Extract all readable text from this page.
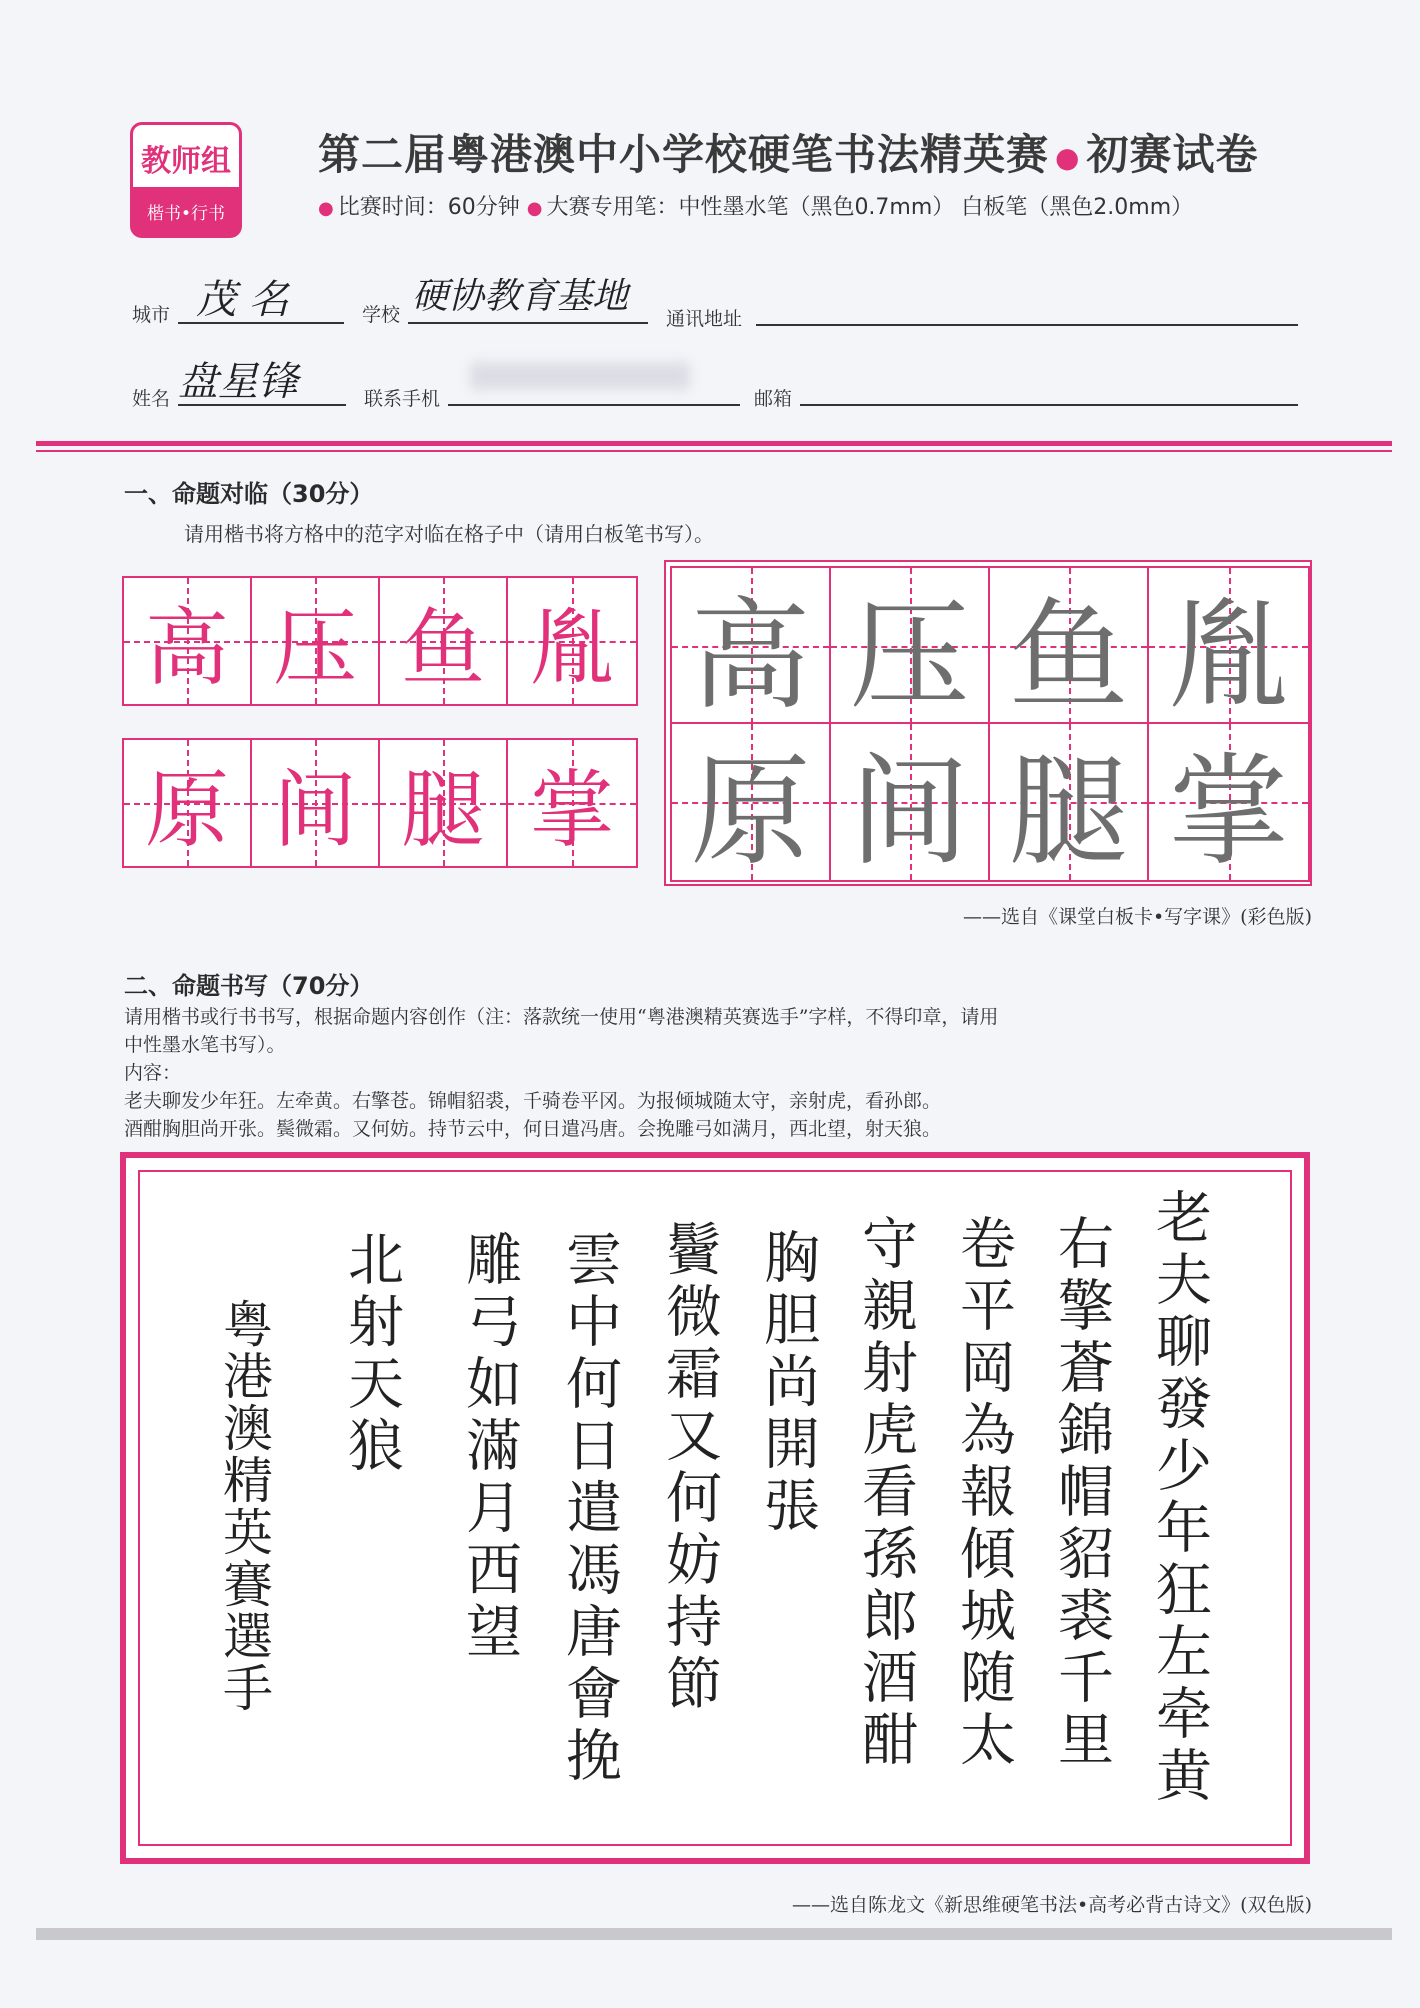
教师组
楷书•行书
第二届粤港澳中小学校硬笔书法精英赛 ● 初赛试卷
● 比赛时间：60分钟 ● 大赛专用笔：中性墨水笔（黑色0.7mm） 白板笔（黑色2.0mm）
城市 茂 名	学校 硬协教育基地
通讯地址
姓名 盘星锋	联系手机	邮箱
一、命题对临（30分）
请用楷书将方格中的范字对临在格子中（请用白板笔书写）。
高 压 鱼 胤
原 间 腿 掌
高 压 鱼 胤
原 间 腿 掌
——选自《课堂白板卡•写字课》(彩色版)
二、命题书写（70分）
请用楷书或行书书写，根据命题内容创作（注：落款统一使用“粤港澳精英赛选手”字样，不得印章，请用
中性墨水笔书写）。
内容：
老夫聊发少年狂。左牵黄。右擎苍。锦帽貂裘，千骑卷平冈。为报倾城随太守，亲射虎，看孙郎。
酒酣胸胆尚开张。鬓微霜。又何妨。持节云中，何日遣冯唐。会挽雕弓如满月，西北望，射天狼。
老夫聊發少年狂左牵黄
右擎蒼錦帽貂裘千里
卷平岡為報傾城随太
守親射虎看孫郎酒酣
胸胆尚開張
鬢微霜又何妨持節
雲中何日遣馮唐會挽
雕弓如滿月西望
北射天狼
粤港澳精英賽選手
——选自陈龙文《新思维硬笔书法•高考必背古诗文》(双色版)
